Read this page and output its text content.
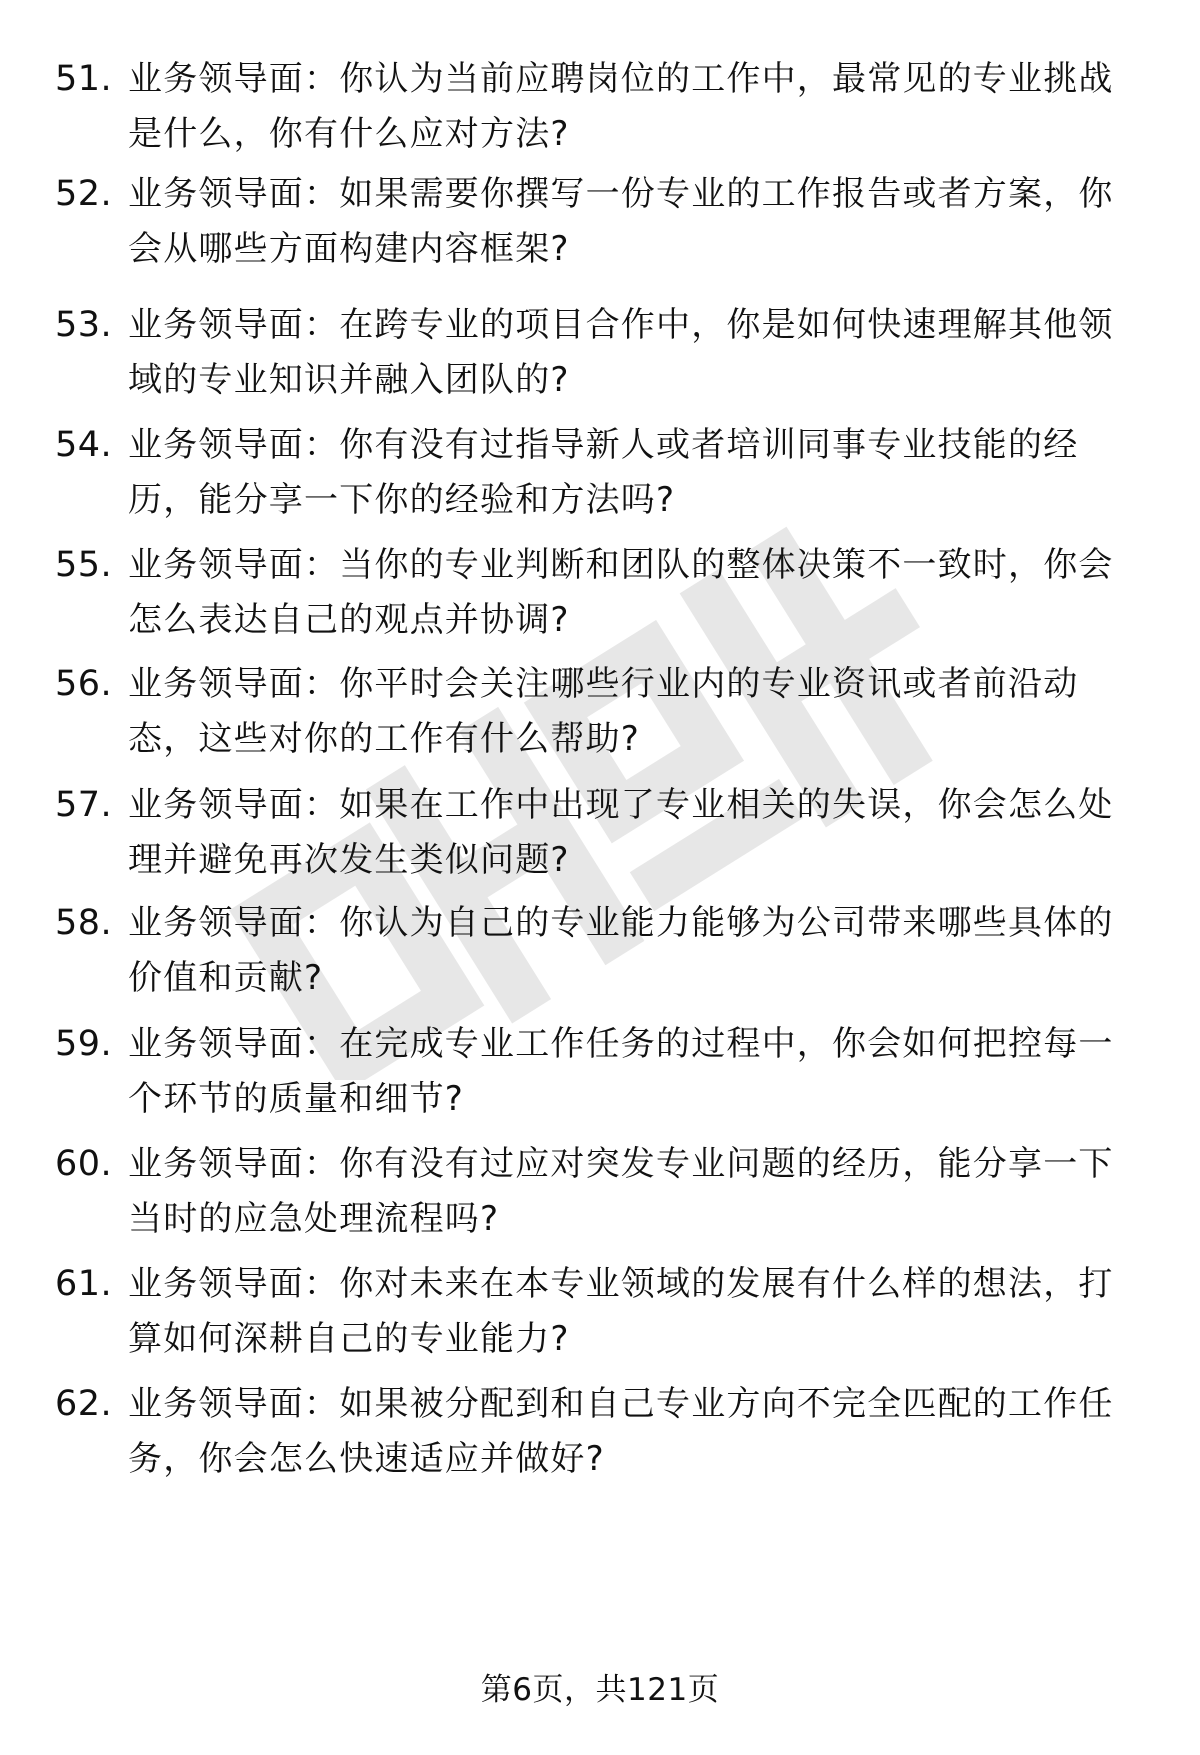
51. 业务领导面：你认为当前应聘岗位的工作中，最常见的专业挑战
是什么，你有什么应对方法?
52. 业务领导面：如果需要你撰写一份专业的工作报告或者方案，你
会从哪些方面构建内容框架?
53. 业务领导面：在跨专业的项目合作中，你是如何快速理解其他领
域的专业知识并融入团队的?
54. 业务领导面：你有没有过指导新人或者培训同事专业技能的经
历，能分享一下你的经验和方法吗?
55. 业务领导面：当你的专业判断和团队的整体决策不一致时，你会
怎么表达自己的观点并协调?
56. 业务领导面：你平时会关注哪些行业内的专业资讯或者前沿动
态，这些对你的工作有什么帮助?
57. 业务领导面：如果在工作中出现了专业相关的失误，你会怎么处
理并避免再次发生类似问题?
58. 业务领导面：你认为自己的专业能力能够为公司带来哪些具体的
价值和贡献?
59. 业务领导面：在完成专业工作任务的过程中，你会如何把控每一
个环节的质量和细节?
60. 业务领导面：你有没有过应对突发专业问题的经历，能分享一下
当时的应急处理流程吗?
61. 业务领导面：你对未来在本专业领域的发展有什么样的想法，打
算如何深耕自己的专业能力?
62. 业务领导面：如果被分配到和自己专业方向不完全匹配的工作任
务，你会怎么快速适应并做好?
第6页，共121页
